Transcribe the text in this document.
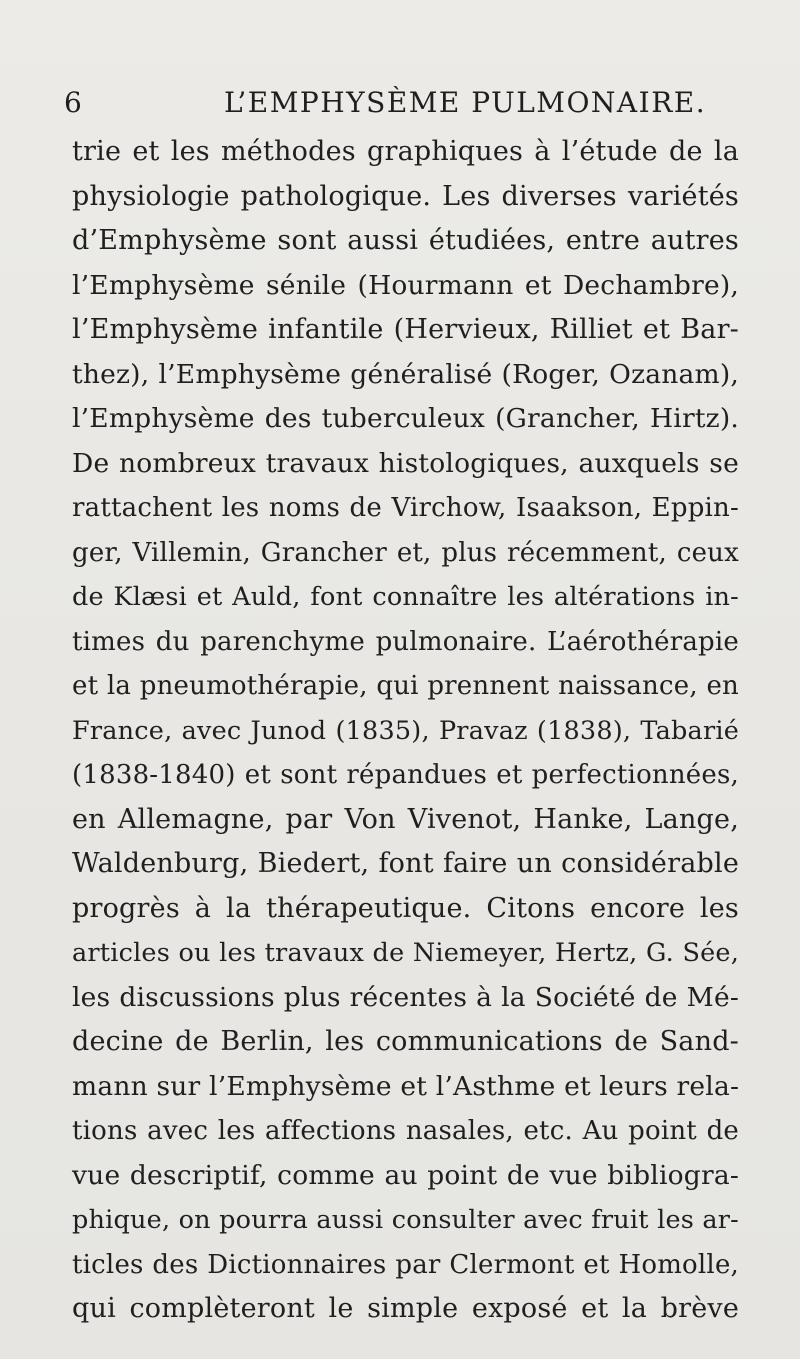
6	L’EMPHYSÈME PULMONAIRE.
trie et les méthodes graphiques à l’étude de la
physiologie pathologique. Les diverses variétés
d’Emphysème sont aussi étudiées, entre autres
l’Emphysème sénile (Hourmann et Dechambre),
l’Emphysème infantile (Hervieux, Rilliet et Bar-
thez), l’Emphysème généralisé (Roger, Ozanam),
l’Emphysème des tuberculeux (Grancher, Hirtz).
De nombreux travaux histologiques, auxquels se
rattachent les noms de Virchow, Isaakson, Eppin-
ger, Villemin, Grancher et, plus récemment, ceux
de Klæsi et Auld, font connaître les altérations in-
times du parenchyme pulmonaire. L’aérothérapie
et la pneumothérapie, qui prennent naissance, en
France, avec Junod (1835), Pravaz (1838), Tabarié
(1838-1840) et sont répandues et perfectionnées,
en Allemagne, par Von Vivenot, Hanke, Lange,
Waldenburg, Biedert, font faire un considérable
progrès à la thérapeutique. Citons encore les
articles ou les travaux de Niemeyer, Hertz, G. Sée,
les discussions plus récentes à la Société de Mé-
decine de Berlin, les communications de Sand-
mann sur l’Emphysème et l’Asthme et leurs rela-
tions avec les affections nasales, etc. Au point de
vue descriptif, comme au point de vue bibliogra-
phique, on pourra aussi consulter avec fruit les ar-
ticles des Dictionnaires par Clermont et Homolle,
qui complèteront le simple exposé et la brève
